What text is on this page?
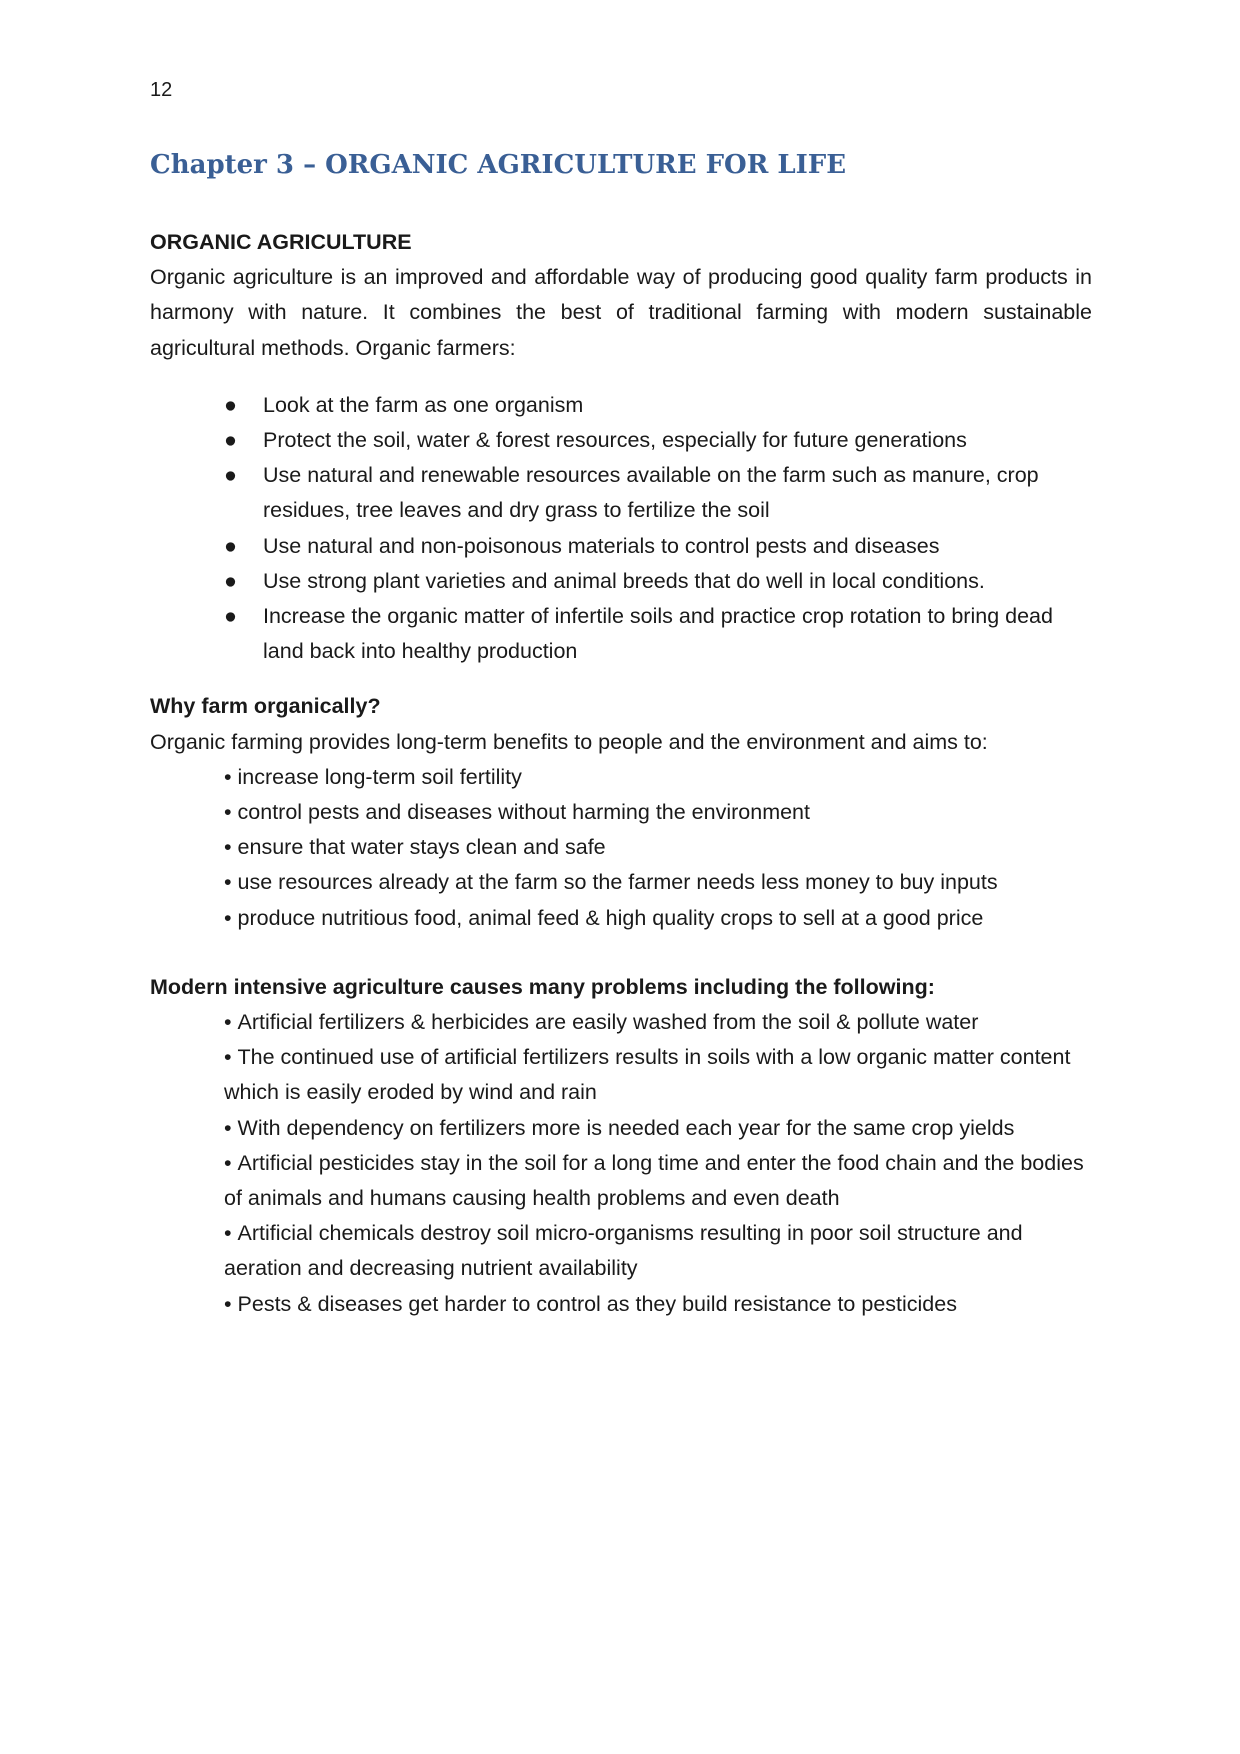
12
Chapter 3 – ORGANIC AGRICULTURE FOR LIFE

ORGANIC AGRICULTURE

Organic agriculture is an improved and affordable way of producing good quality farm products in harmony with nature. It combines the best of traditional farming with modern sustainable agricultural methods. Organic farmers:

● Look at the farm as one organism
● Protect the soil, water & forest resources, especially for future generations
● Use natural and renewable resources available on the farm such as manure, crop residues, tree leaves and dry grass to fertilize the soil
● Use natural and non-poisonous materials to control pests and diseases
● Use strong plant varieties and animal breeds that do well in local conditions.
● Increase the organic matter of infertile soils and practice crop rotation to bring dead land back into healthy production

Why farm organically?

Organic farming provides long-term benefits to people and the environment and aims to:

• increase long-term soil fertility
• control pests and diseases without harming the environment
• ensure that water stays clean and safe
• use resources already at the farm so the farmer needs less money to buy inputs
• produce nutritious food, animal feed & high quality crops to sell at a good price

Modern intensive agriculture causes many problems including the following:

• Artificial fertilizers & herbicides are easily washed from the soil & pollute water
• The continued use of artificial fertilizers results in soils with a low organic matter content which is easily eroded by wind and rain
• With dependency on fertilizers more is needed each year for the same crop yields
• Artificial pesticides stay in the soil for a long time and enter the food chain and the bodies of animals and humans causing health problems and even death
• Artificial chemicals destroy soil micro-organisms resulting in poor soil structure and aeration and decreasing nutrient availability
• Pests & diseases get harder to control as they build resistance to pesticides
